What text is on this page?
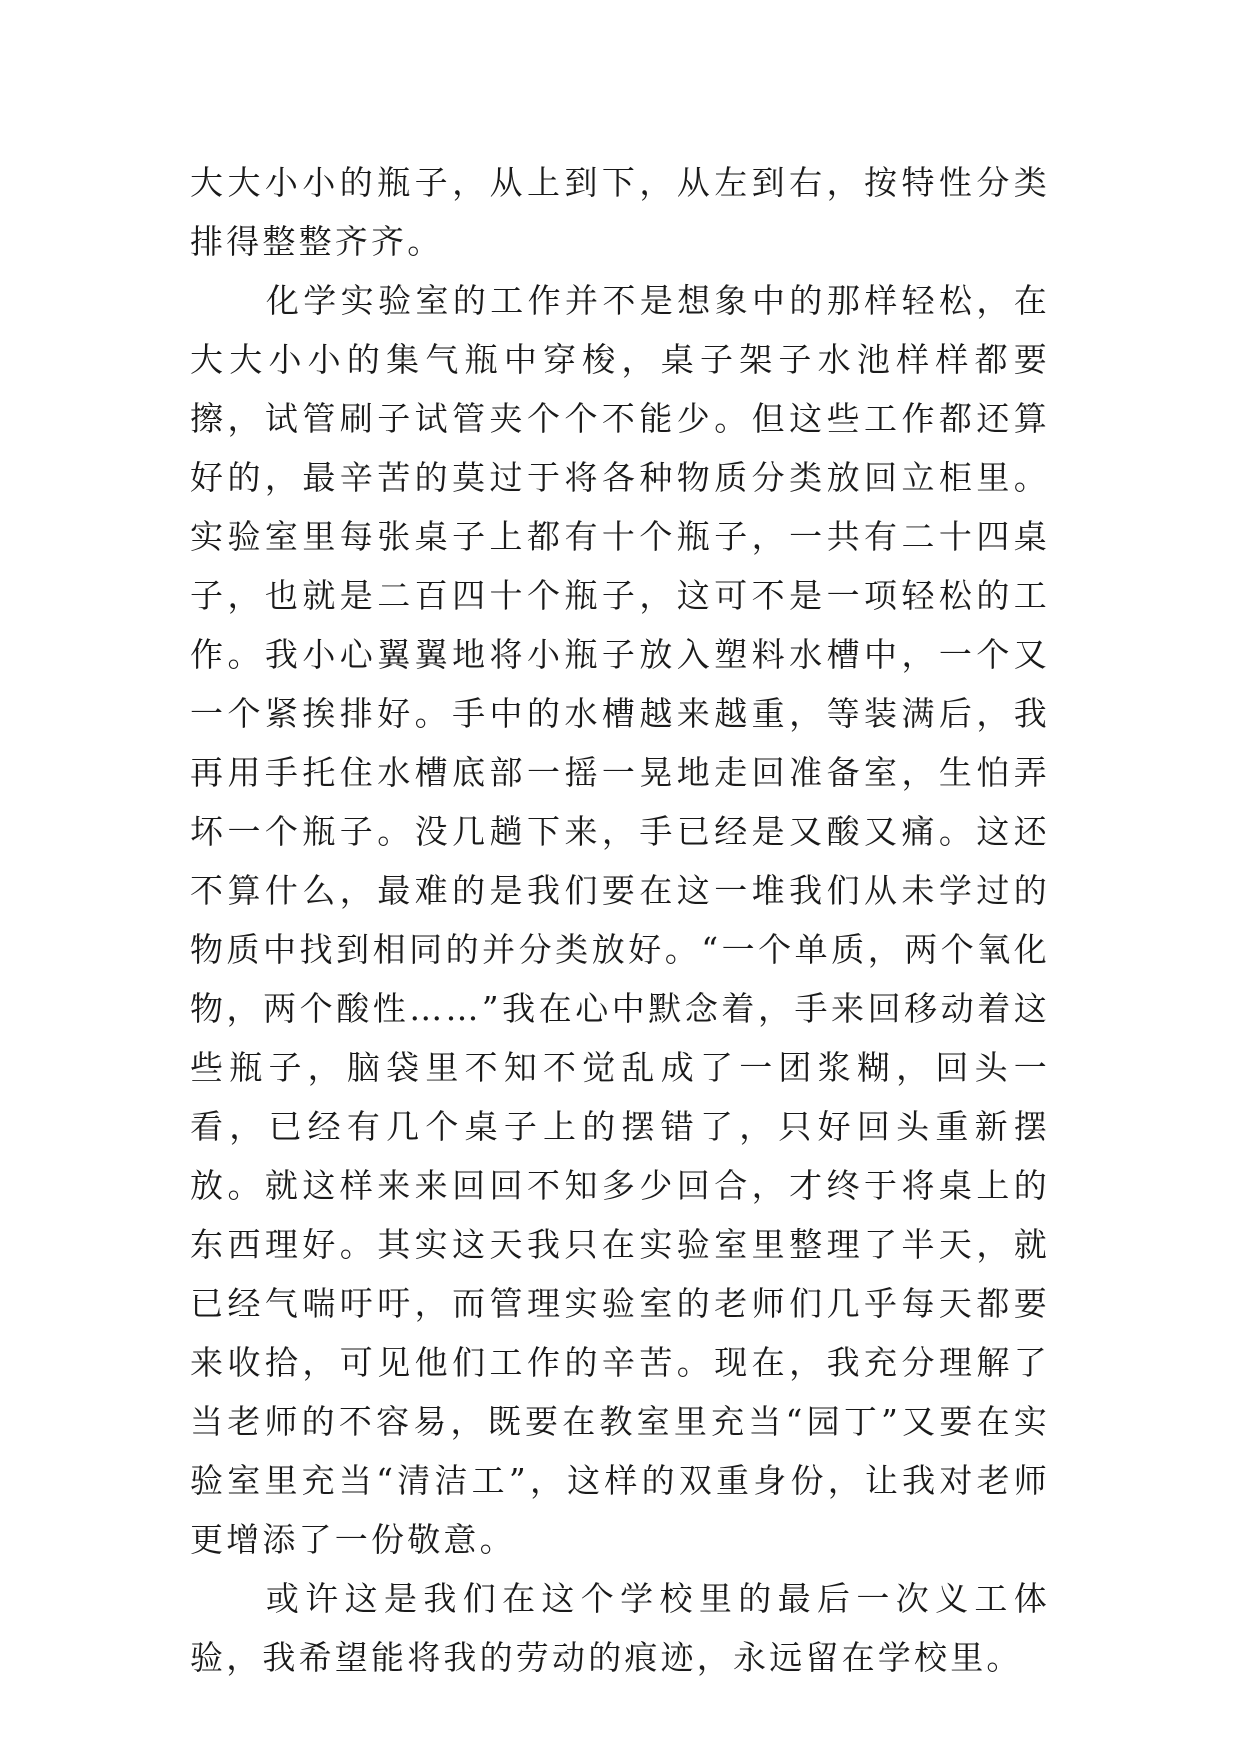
大大小小的瓶子，从上到下，从左到右，按特性分类排得整整齐齐。

化学实验室的工作并不是想象中的那样轻松，在大大小小的集气瓶中穿梭，桌子架子水池样样都要擦，试管刷子试管夹个个不能少。但这些工作都还算好的，最辛苦的莫过于将各种物质分类放回立柜里。实验室里每张桌子上都有十个瓶子，一共有二十四桌子，也就是二百四十个瓶子，这可不是一项轻松的工作。我小心翼翼地将小瓶子放入塑料水槽中，一个又一个紧挨排好。手中的水槽越来越重，等装满后，我再用手托住水槽底部一摇一晃地走回准备室，生怕弄坏一个瓶子。没几趟下来，手已经是又酸又痛。这还不算什么，最难的是我们要在这一堆我们从未学过的物质中找到相同的并分类放好。“一个单质，两个氧化物，两个酸性……”我在心中默念着，手来回移动着这些瓶子，脑袋里不知不觉乱成了一团浆糊，回头一看，已经有几个桌子上的摆错了，只好回头重新摆放。就这样来来回回不知多少回合，才终于将桌上的东西理好。其实这天我只在实验室里整理了半天，就已经气喘吁吁，而管理实验室的老师们几乎每天都要来收拾，可见他们工作的辛苦。现在，我充分理解了当老师的不容易，既要在教室里充当“园丁”又要在实验室里充当“清洁工”，这样的双重身份，让我对老师更增添了一份敬意。

或许这是我们在这个学校里的最后一次义工体验，我希望能将我的劳动的痕迹，永远留在学校里。
